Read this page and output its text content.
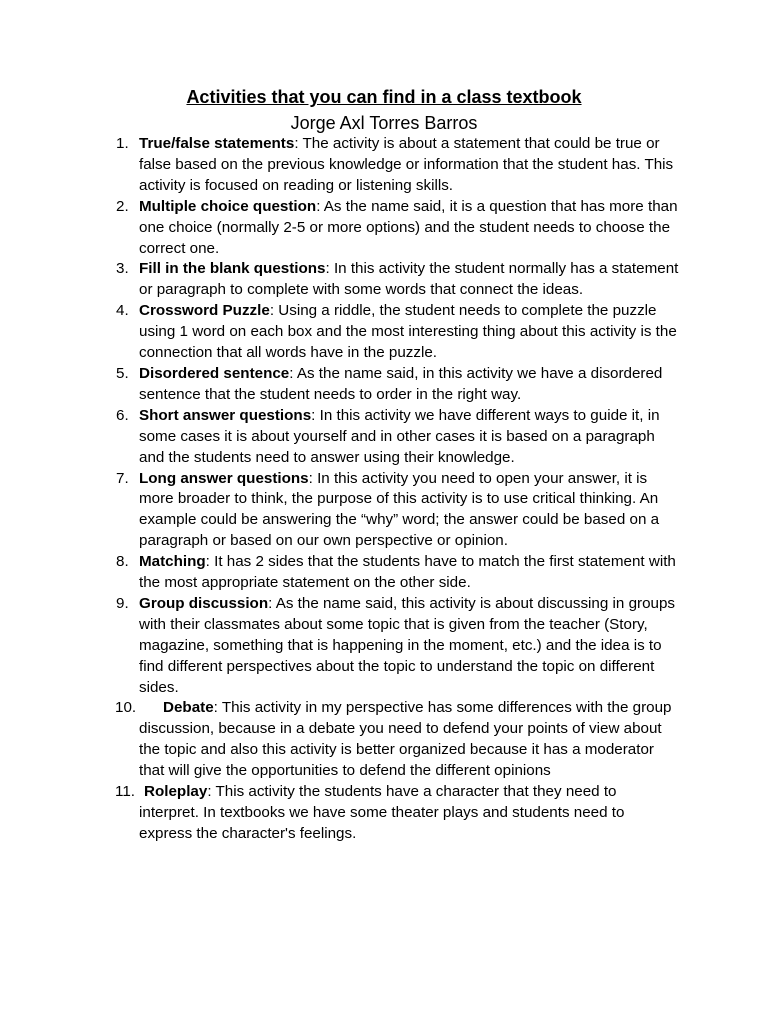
Activities that you can find in a class textbook

Jorge Axl Torres Barros

1. True/false statements: The activity is about a statement that could be true or false based on the previous knowledge or information that the student has. This activity is focused on reading or listening skills.
2. Multiple choice question: As the name said, it is a question that has more than one choice (normally 2-5 or more options) and the student needs to choose the correct one.
3. Fill in the blank questions: In this activity the student normally has a statement or paragraph to complete with some words that connect the ideas.
4. Crossword Puzzle: Using a riddle, the student needs to complete the puzzle using 1 word on each box and the most interesting thing about this activity is the connection that all words have in the puzzle.
5. Disordered sentence: As the name said, in this activity we have a disordered sentence that the student needs to order in the right way.
6. Short answer questions: In this activity we have different ways to guide it, in some cases it is about yourself and in other cases it is based on a paragraph and the students need to answer using their knowledge.
7. Long answer questions: In this activity you need to open your answer, it is more broader to think, the purpose of this activity is to use critical thinking. An example could be answering the “why” word; the answer could be based on a paragraph or based on our own perspective or opinion.
8. Matching: It has 2 sides that the students have to match the first statement with the most appropriate statement on the other side.
9. Group discussion: As the name said, this activity is about discussing in groups with their classmates about some topic that is given from the teacher (Story, magazine, something that is happening in the moment, etc.) and the idea is to find different perspectives about the topic to understand the topic on different sides.
10. Debate: This activity in my perspective has some differences with the group discussion, because in a debate you need to defend your points of view about the topic and also this activity is better organized because it has a moderator that will give the opportunities to defend the different opinions
11. Roleplay: This activity the students have a character that they need to interpret. In textbooks we have some theater plays and students need to express the character's feelings.
